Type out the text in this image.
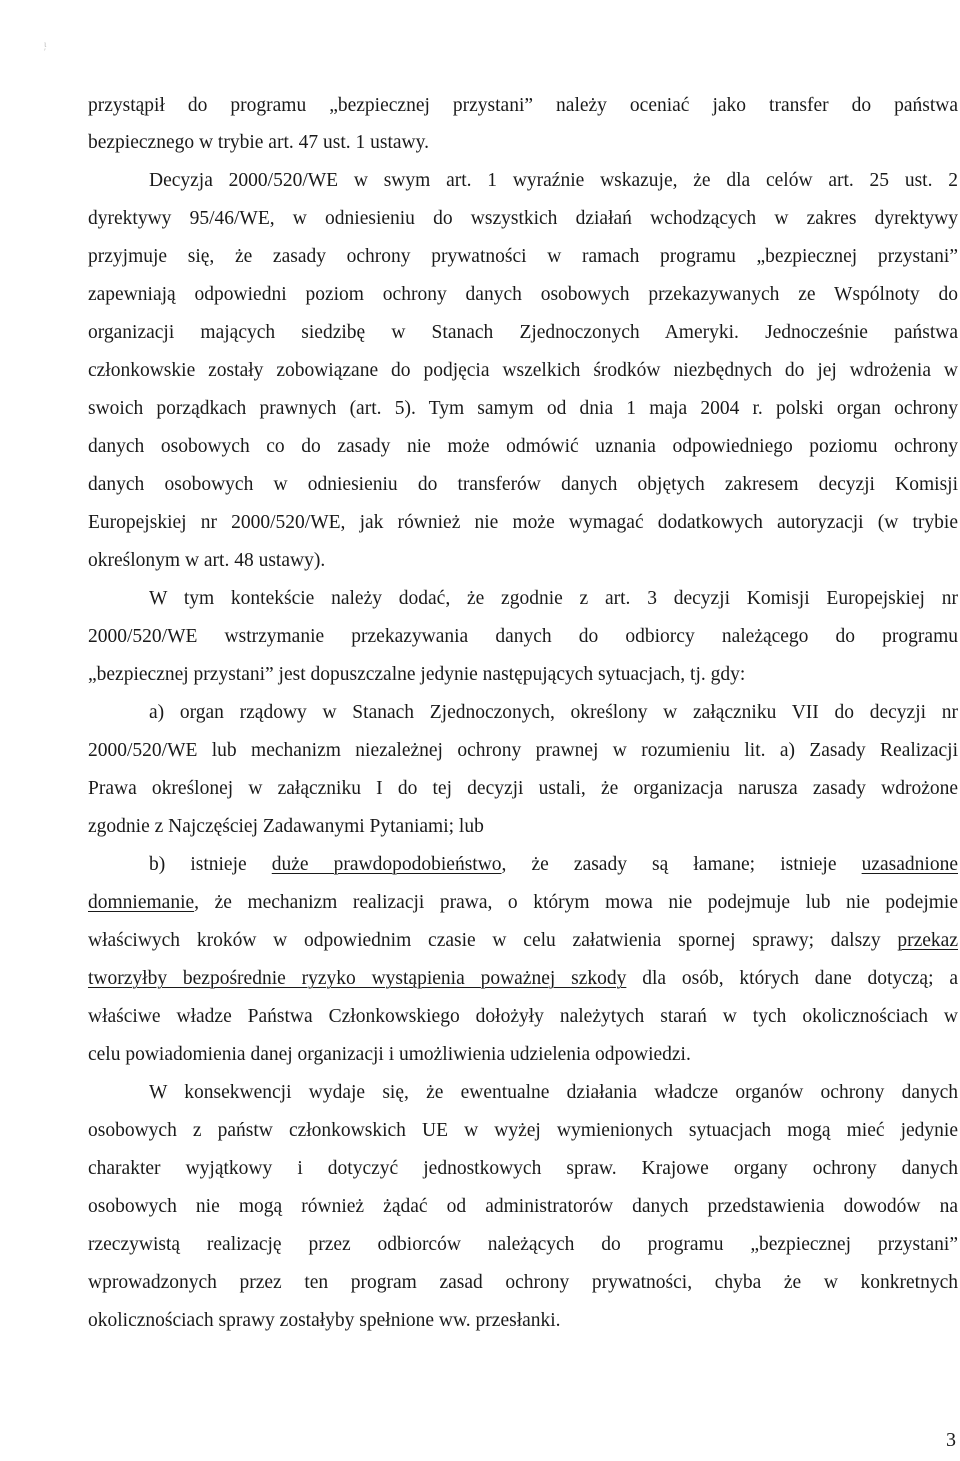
ι ′
przystąpił do programu „bezpiecznej przystani” należy oceniać jako transfer do państwa
bezpiecznego w trybie art. 47 ust. 1 ustawy.
Decyzja 2000/520/WE w swym art. 1 wyraźnie wskazuje, że dla celów art. 25 ust. 2
dyrektywy 95/46/WE, w odniesieniu do wszystkich działań wchodzących w zakres dyrektywy
przyjmuje się, że zasady ochrony prywatności w ramach programu „bezpiecznej przystani”
zapewniają odpowiedni poziom ochrony danych osobowych przekazywanych ze Wspólnoty do
organizacji mających siedzibę w Stanach Zjednoczonych Ameryki. Jednocześnie państwa
członkowskie zostały zobowiązane do podjęcia wszelkich środków niezbędnych do jej wdrożenia w
swoich porządkach prawnych (art. 5). Tym samym od dnia 1 maja 2004 r. polski organ ochrony
danych osobowych co do zasady nie może odmówić uznania odpowiedniego poziomu ochrony
danych osobowych w odniesieniu do transferów danych objętych zakresem decyzji Komisji
Europejskiej nr 2000/520/WE, jak również nie może wymagać dodatkowych autoryzacji (w trybie
określonym w art. 48 ustawy).
W tym kontekście należy dodać, że zgodnie z art. 3 decyzji Komisji Europejskiej nr
2000/520/WE wstrzymanie przekazywania danych do odbiorcy należącego do programu
„bezpiecznej przystani” jest dopuszczalne jedynie następujących sytuacjach, tj. gdy:
a) organ rządowy w Stanach Zjednoczonych, określony w załączniku VII do decyzji nr
2000/520/WE lub mechanizm niezależnej ochrony prawnej w rozumieniu lit. a) Zasady Realizacji
Prawa określonej w załączniku I do tej decyzji ustali, że organizacja narusza zasady wdrożone
zgodnie z Najczęściej Zadawanymi Pytaniami; lub
b) istnieje duże prawdopodobieństwo, że zasady są łamane; istnieje uzasadnione
domniemanie, że mechanizm realizacji prawa, o którym mowa nie podejmuje lub nie podejmie
właściwych kroków w odpowiednim czasie w celu załatwienia spornej sprawy; dalszy przekaz
tworzyłby bezpośrednie ryzyko wystąpienia poważnej szkody dla osób, których dane dotyczą; a
właściwe władze Państwa Członkowskiego dołożyły należytych starań w tych okolicznościach w
celu powiadomienia danej organizacji i umożliwienia udzielenia odpowiedzi.
W konsekwencji wydaje się, że ewentualne działania władcze organów ochrony danych
osobowych z państw członkowskich UE w wyżej wymienionych sytuacjach mogą mieć jedynie
charakter wyjątkowy i dotyczyć jednostkowych spraw. Krajowe organy ochrony danych
osobowych nie mogą również żądać od administratorów danych przedstawienia dowodów na
rzeczywistą realizację przez odbiorców należących do programu „bezpiecznej przystani”
wprowadzonych przez ten program zasad ochrony prywatności, chyba że w konkretnych
okolicznościach sprawy zostałyby spełnione ww. przesłanki.
3
